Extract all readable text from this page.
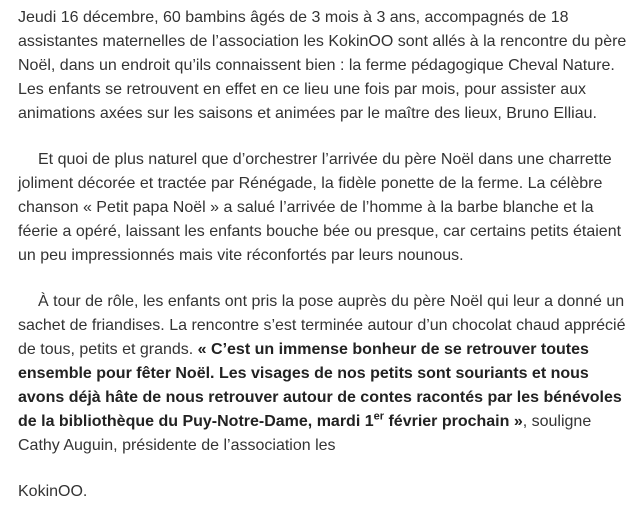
Jeudi 16 décembre, 60 bambins âgés de 3 mois à 3 ans, accompagnés de 18 assistantes maternelles de l’association les KokinOO sont allés à la rencontre du père Noël, dans un endroit qu’ils connaissent bien : la ferme pédagogique Cheval Nature. Les enfants se retrouvent en effet en ce lieu une fois par mois, pour assister aux animations axées sur les saisons et animées par le maître des lieux, Bruno Elliau.

Et quoi de plus naturel que d’orchestrer l’arrivée du père Noël dans une charrette joliment décorée et tractée par Rénégade, la fidèle ponette de la ferme. La célèbre chanson « Petit papa Noël » a salué l’arrivée de l’homme à la barbe blanche et la féerie a opéré, laissant les enfants bouche bée ou presque, car certains petits étaient un peu impressionnés mais vite réconfortés par leurs nounous.

À tour de rôle, les enfants ont pris la pose auprès du père Noël qui leur a donné un sachet de friandises. La rencontre s’est terminée autour d’un chocolat chaud apprécié de tous, petits et grands. « C’est un immense bonheur de se retrouver toutes ensemble pour fêter Noël. Les visages de nos petits sont souriants et nous avons déjà hâte de nous retrouver autour de contes racontés par les bénévoles de la bibliothèque du Puy-Notre-Dame, mardi 1er février prochain », souligne Cathy Auguin, présidente de l’association les

KokinOO.
